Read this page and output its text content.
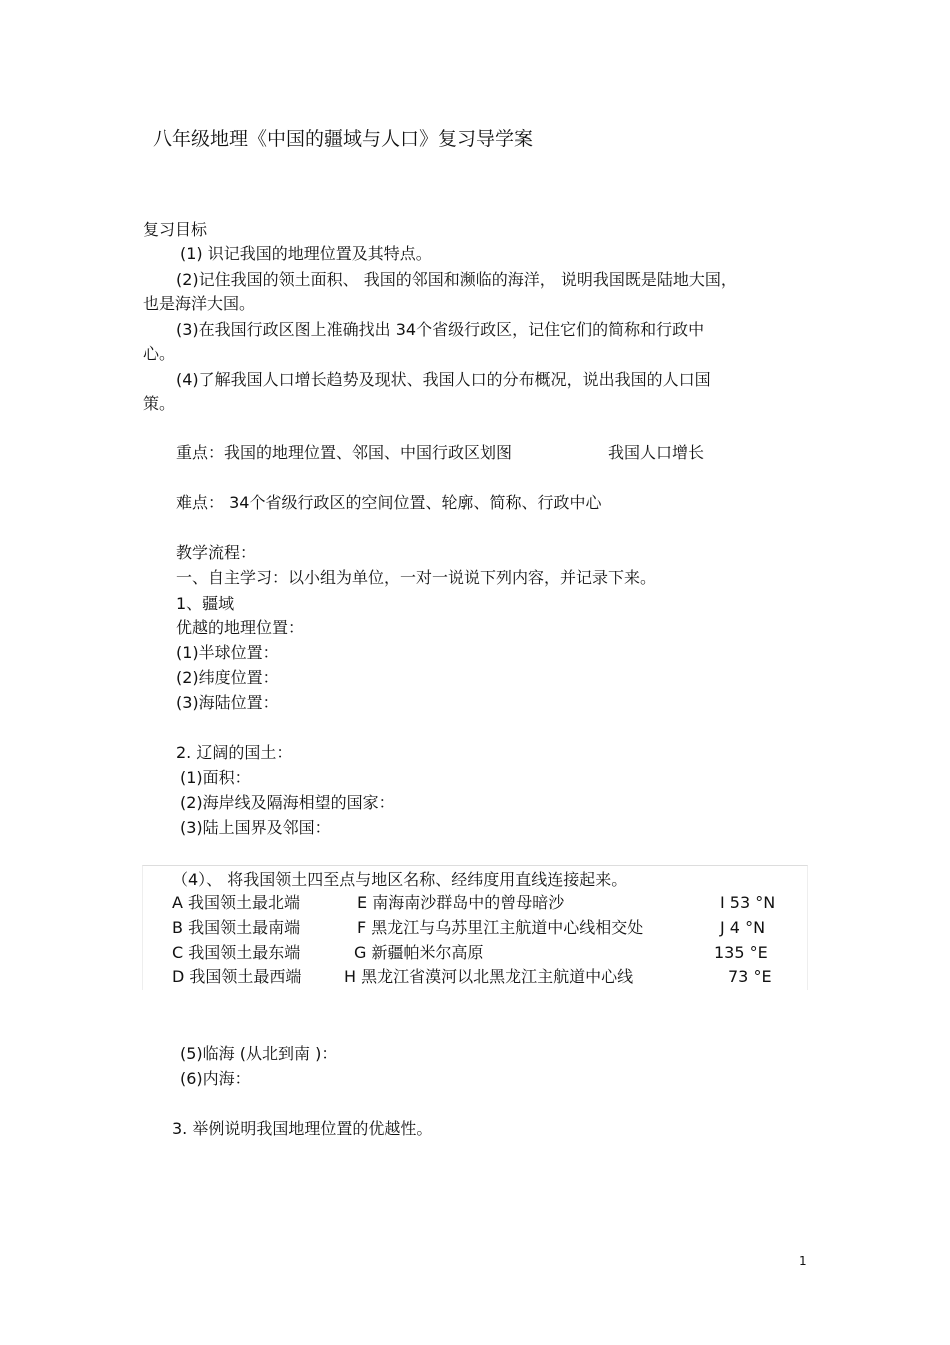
八年级地理《中国的疆域与人口》复习导学案
复习目标
(1) 识记我国的地理位置及其特点。
(2)记住我国的领土面积、 我国的邻国和濒临的海洋， 说明我国既是陆地大国，
也是海洋大国。
(3)在我国行政区图上准确找出 34个省级行政区，记住它们的简称和行政中
心。
(4)了解我国人口增长趋势及现状、我国人口的分布概况，说出我国的人口国
策。
重点：我国的地理位置、邻国、中国行政区划图	我国人口增长
难点： 34个省级行政区的空间位置、轮廓、简称、行政中心
教学流程：
一、自主学习：以小组为单位，一对一说说下列内容，并记录下来。
1、疆域
优越的地理位置：
(1)半球位置：
(2)纬度位置：
(3)海陆位置：
2. 辽阔的国土：
(1)面积：
(2)海岸线及隔海相望的国家：
(3)陆上国界及邻国：
（4）、 将我国领土四至点与地区名称、经纬度用直线连接起来。
A 我国领土最北端	E 南海南沙群岛中的曾母暗沙	I 53 °N
B 我国领土最南端	F 黑龙江与乌苏里江主航道中心线相交处	J 4 °N
C 我国领土最东端	G 新疆帕米尔高原	135 °E
D 我国领土最西端	H 黑龙江省漠河以北黑龙江主航道中心线	73 °E
(5)临海 (从北到南 )：
(6)内海：
3. 举例说明我国地理位置的优越性。
1
